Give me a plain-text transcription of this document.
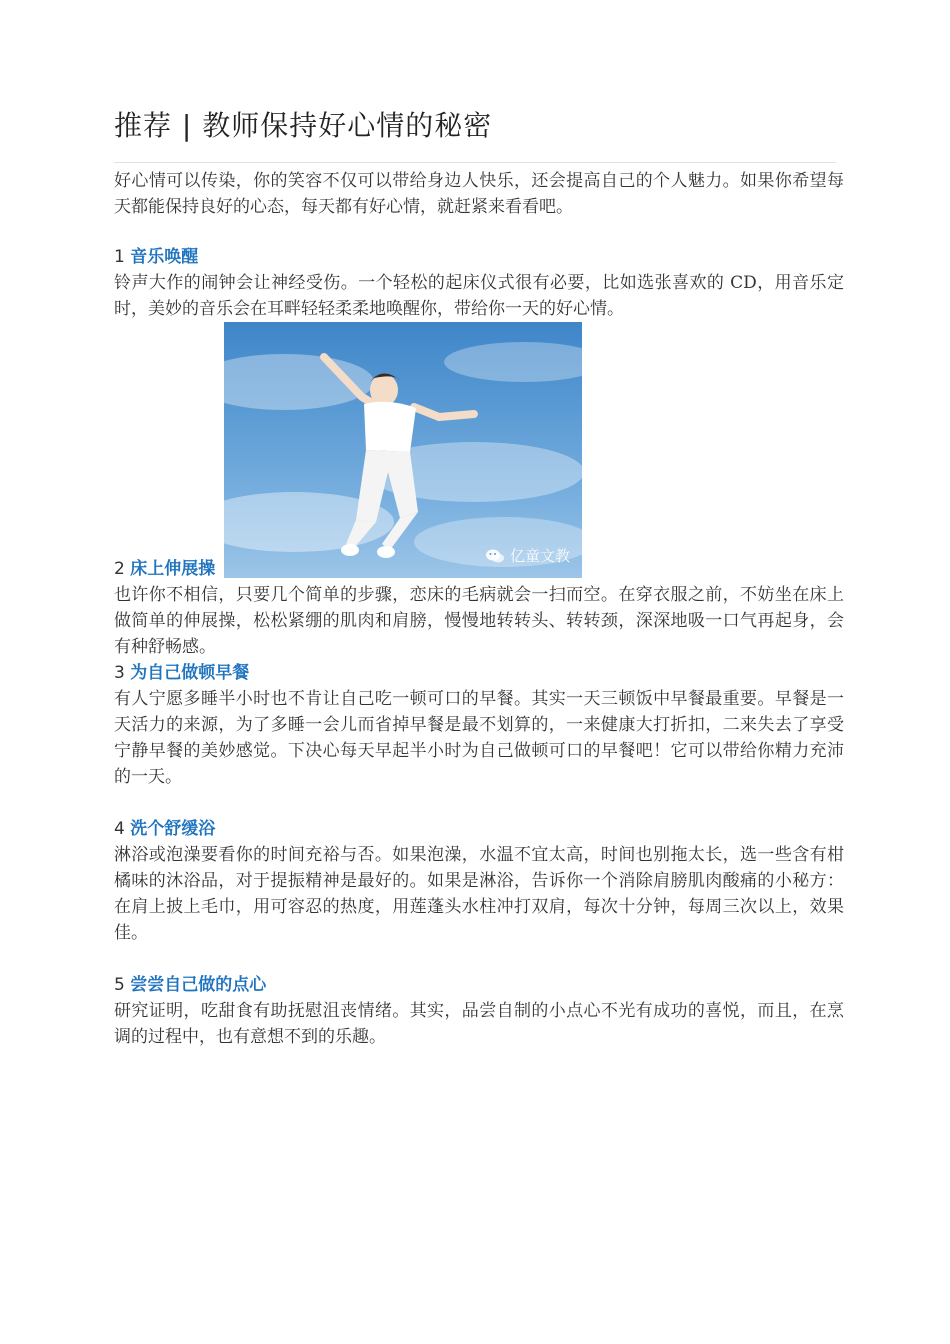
推荐 | 教师保持好心情的秘密

好心情可以传染，你的笑容不仅可以带给身边人快乐，还会提高自己的个人魅力。如果你希望每天都能保持良好的心态，每天都有好心情，就赶紧来看看吧。

1 音乐唤醒

铃声大作的闹钟会让神经受伤。一个轻松的起床仪式很有必要，比如选张喜欢的 CD，用音乐定时，美妙的音乐会在耳畔轻轻柔柔地唤醒你，带给你一天的好心情。

亿童文教
2 床上伸展操

也许你不相信，只要几个简单的步骤，恋床的毛病就会一扫而空。在穿衣服之前，不妨坐在床上做简单的伸展操，松松紧绷的肌肉和肩膀，慢慢地转转头、转转颈，深深地吸一口气再起身，会有种舒畅感。

3 为自己做顿早餐

有人宁愿多睡半小时也不肯让自己吃一顿可口的早餐。其实一天三顿饭中早餐最重要。早餐是一天活力的来源，为了多睡一会儿而省掉早餐是最不划算的，一来健康大打折扣，二来失去了享受宁静早餐的美妙感觉。下决心每天早起半小时为自己做顿可口的早餐吧！它可以带给你精力充沛的一天。

4 洗个舒缓浴

淋浴或泡澡要看你的时间充裕与否。如果泡澡，水温不宜太高，时间也别拖太长，选一些含有柑橘味的沐浴品，对于提振精神是最好的。如果是淋浴，告诉你一个消除肩膀肌肉酸痛的小秘方：在肩上披上毛巾，用可容忍的热度，用莲蓬头水柱冲打双肩，每次十分钟，每周三次以上，效果佳。

5 尝尝自己做的点心

研究证明，吃甜食有助抚慰沮丧情绪。其实，品尝自制的小点心不光有成功的喜悦，而且，在烹调的过程中，也有意想不到的乐趣。
